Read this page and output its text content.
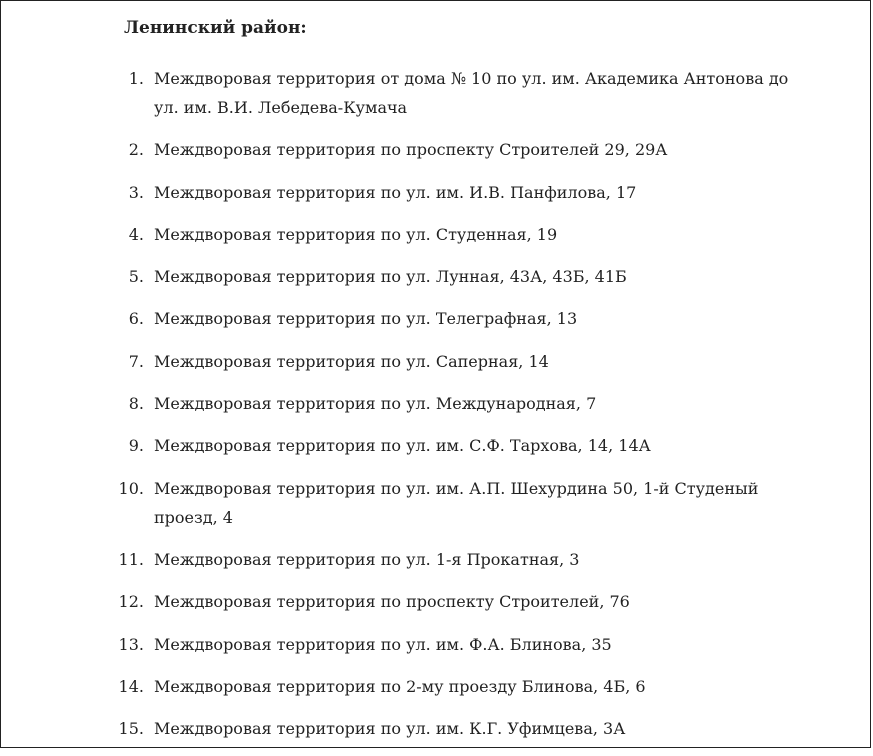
Ленинский район:
1. Междворовая территория от дома № 10 по ул. им. Академика Антонова до ул. им. В.И. Лебедева-Кумача
2. Междворовая территория по проспекту Строителей 29, 29А
3. Междворовая территория по ул. им. И.В. Панфилова, 17
4. Междворовая территория по ул. Студенная, 19
5. Междворовая территория по ул. Лунная, 43А, 43Б, 41Б
6. Междворовая территория по ул. Телеграфная, 13
7. Междворовая территория по ул. Саперная, 14
8. Междворовая территория по ул. Международная, 7
9. Междворовая территория по ул. им. С.Ф. Тархова, 14, 14А
10. Междворовая территория по ул. им. А.П. Шехурдина 50, 1-й Студеный проезд, 4
11. Междворовая территория по ул. 1-я Прокатная, 3
12. Междворовая территория по проспекту Строителей, 76
13. Междворовая территория по ул. им. Ф.А. Блинова, 35
14. Междворовая территория по 2-му проезду Блинова, 4Б, 6
15. Междворовая территория по ул. им. К.Г. Уфимцева, 3А
